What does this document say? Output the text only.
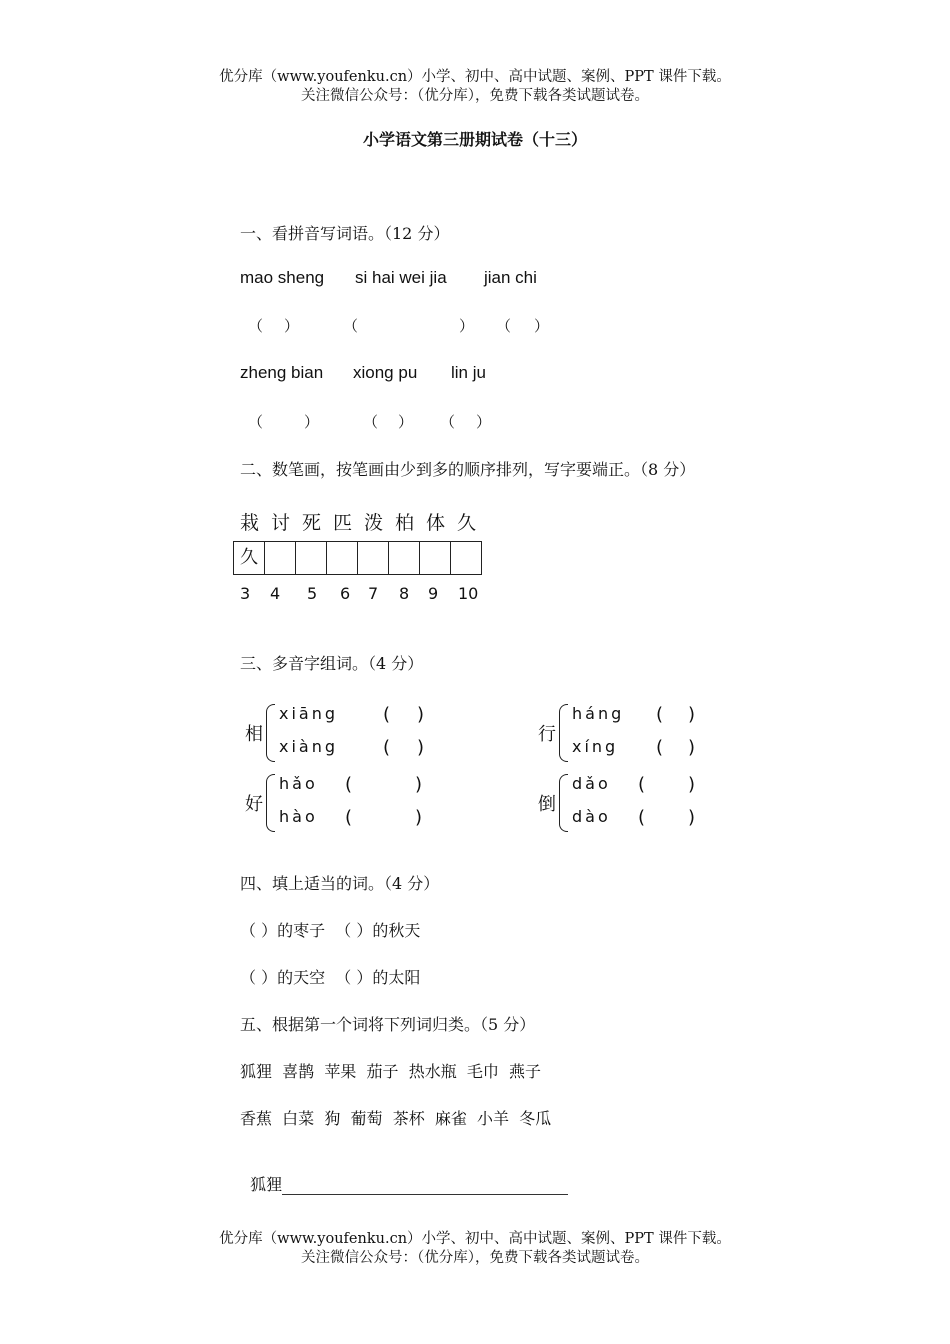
优分库（www.youfenku.cn）小学、初中、高中试题、案例、PPT 课件下载。
关注微信公众号：（优分库），免费下载各类试题试卷。
小学语文第三册期试卷（十三）
一、看拼音写词语。（12 分）
mao sheng si hai wei jia jian chi
（ ）	（	） （ ）
zheng bian xiong pu lin ju
（	）	（ ） （ ）
二、数笔画，按笔画由少到多的顺序排列，写字要端正。（8 分）
栽 讨 死 匹 泼 柏 体 久
久
3 4 5 6 7 8 9 10
三、多音字组词。（4 分）
相
xiāng ( )
xiàng ( )
行
háng ( )
xíng ( )
好
hǎo (	)
hào (	)
倒
dǎo ( )
dào ( )
四、填上适当的词。（4 分）
（ ）的枣子  （ ）的秋天
（ ）的天空  （ ）的太阳
五、根据第一个词将下列词归类。（5 分）
狐狸  喜鹊  苹果  茄子  热水瓶  毛巾  燕子
香蕉  白菜  狗  葡萄  茶杯  麻雀  小羊  冬瓜

狐狸

优分库（www.youfenku.cn）小学、初中、高中试题、案例、PPT 课件下载。
关注微信公众号：（优分库），免费下载各类试题试卷。
